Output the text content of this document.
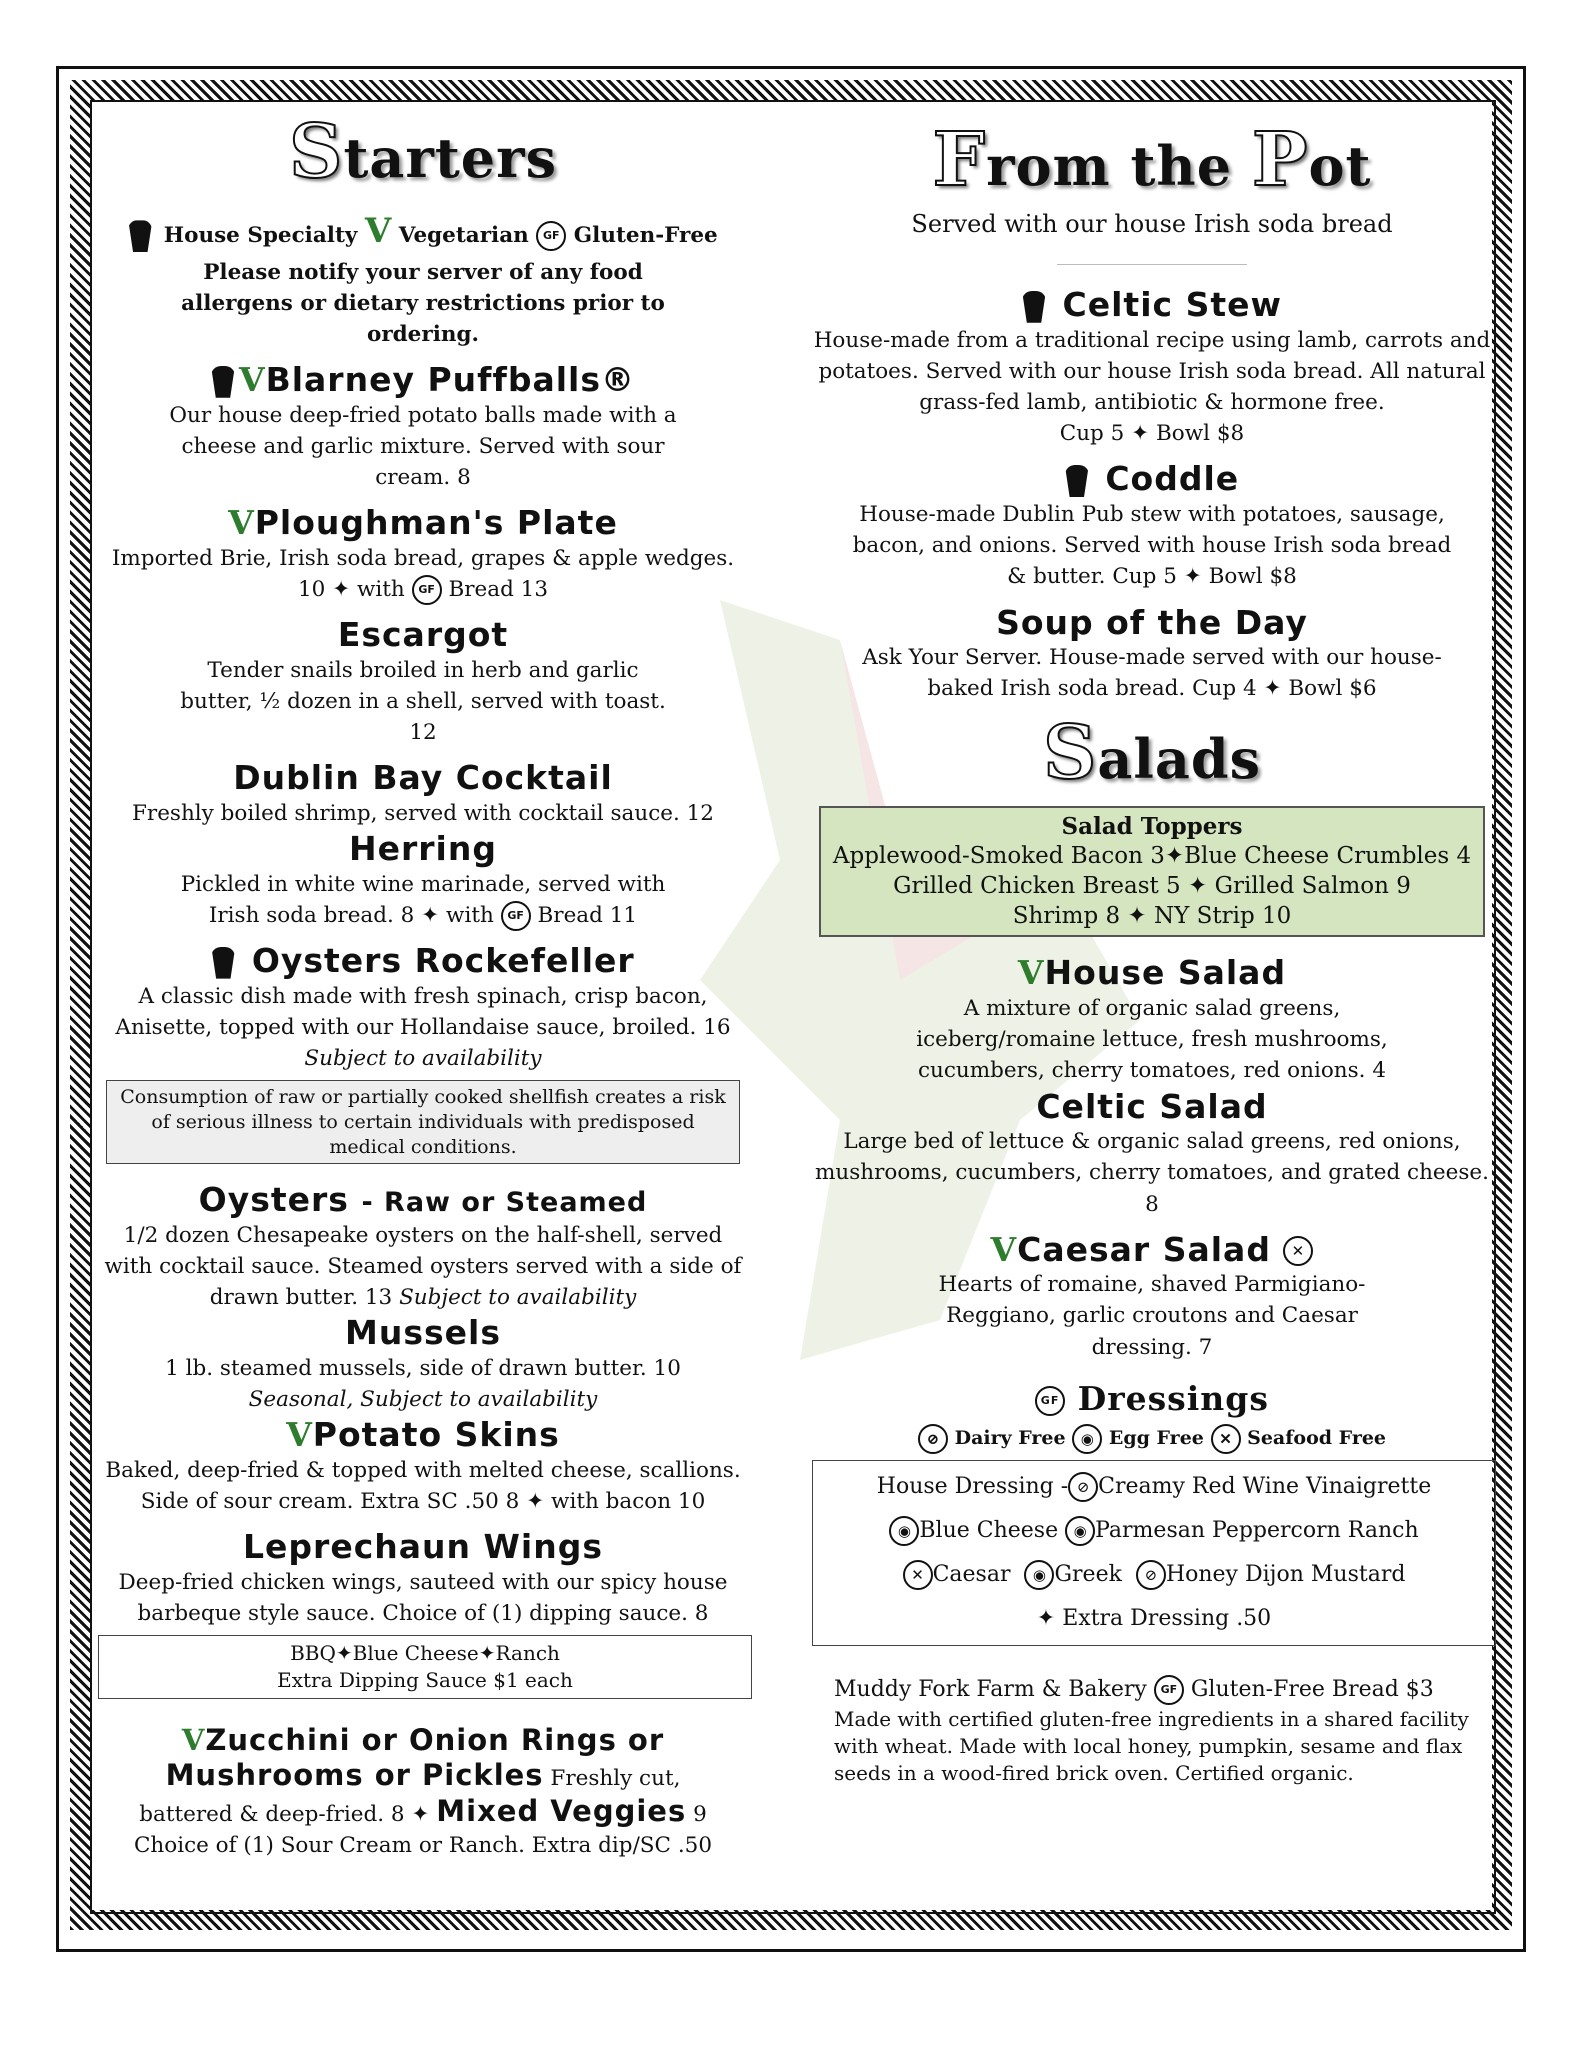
Starters
House Specialty V Vegetarian GF Gluten-Free

Please notify your server of any food allergens or dietary restrictions prior to ordering.

VBlarney Puffballs®

Our house deep-fried potato balls made with a cheese and garlic mixture. Served with sour cream. 8

VPloughman's Plate

Imported Brie, Irish soda bread, grapes & apple wedges.

10 ✦ with GF Bread 13

Escargot

Tender snails broiled in herb and garlic butter, ½ dozen in a shell, served with toast. 12

Dublin Bay Cocktail

Freshly boiled shrimp, served with cocktail sauce. 12

Herring

Pickled in white wine marinade, served with

Irish soda bread. 8 ✦ with GF Bread 11

Oysters Rockefeller

A classic dish made with fresh spinach, crisp bacon, Anisette, topped with our Hollandaise sauce, broiled. 16

Subject to availability

Consumption of raw or partially cooked shellfish creates a risk of serious illness to certain individuals with predisposed medical conditions.

Oysters - Raw or Steamed

1/2 dozen Chesapeake oysters on the half-shell, served with cocktail sauce. Steamed oysters served with a side of drawn butter. 13 Subject to availability

Mussels

1 lb. steamed mussels, side of drawn butter. 10

Seasonal, Subject to availability

VPotato Skins

Baked, deep-fried & topped with melted cheese, scallions. Side of sour cream. Extra SC .50 8 ✦ with bacon 10

Leprechaun Wings

Deep-fried chicken wings, sauteed with our spicy house barbeque style sauce. Choice of (1) dipping sauce. 8

BBQ✦Blue Cheese✦Ranch
Extra Dipping Sauce $1 each

VZucchini or Onion Rings or

Mushrooms or Pickles Freshly cut,

battered & deep-fried. 8 ✦ Mixed Veggies 9

Choice of (1) Sour Cream or Ranch. Extra dip/SC .50

From the Pot

Served with our house Irish soda bread

Celtic Stew

House-made from a traditional recipe using lamb, carrots and potatoes. Served with our house Irish soda bread. All natural grass-fed lamb, antibiotic & hormone free.

Cup 5 ✦ Bowl $8

Coddle

House-made Dublin Pub stew with potatoes, sausage, bacon, and onions. Served with house Irish soda bread & butter. Cup 5 ✦ Bowl $8

Soup of the Day

Ask Your Server. House-made served with our house-baked Irish soda bread. Cup 4 ✦ Bowl $6

Salads
Salad Toppers
Applewood-Smoked Bacon 3✦Blue Cheese Crumbles 4
Grilled Chicken Breast 5 ✦ Grilled Salmon 9
Shrimp 8 ✦ NY Strip 10

VHouse Salad

A mixture of organic salad greens, iceberg/romaine lettuce, fresh mushrooms, cucumbers, cherry tomatoes, red onions. 4

Celtic Salad

Large bed of lettuce & organic salad greens, red onions, mushrooms, cucumbers, cherry tomatoes, and grated cheese. 8

VCaesar Salad ✕

Hearts of romaine, shaved Parmigiano-Reggiano, garlic croutons and Caesar dressing. 7

GF Dressings

⊘ Dairy Free ◉ Egg Free ✕ Seafood Free

House Dressing - ⊘ Creamy Red Wine Vinaigrette
◉ Blue Cheese ◉ Parmesan Peppercorn Ranch
✕ Caesar ◉ Greek ⊘ Honey Dijon Mustard
✦ Extra Dressing .50

Muddy Fork Farm & Bakery GF Gluten-Free Bread $3

Made with certified gluten-free ingredients in a shared facility with wheat. Made with local honey, pumpkin, sesame and flax seeds in a wood-fired brick oven. Certified organic.
